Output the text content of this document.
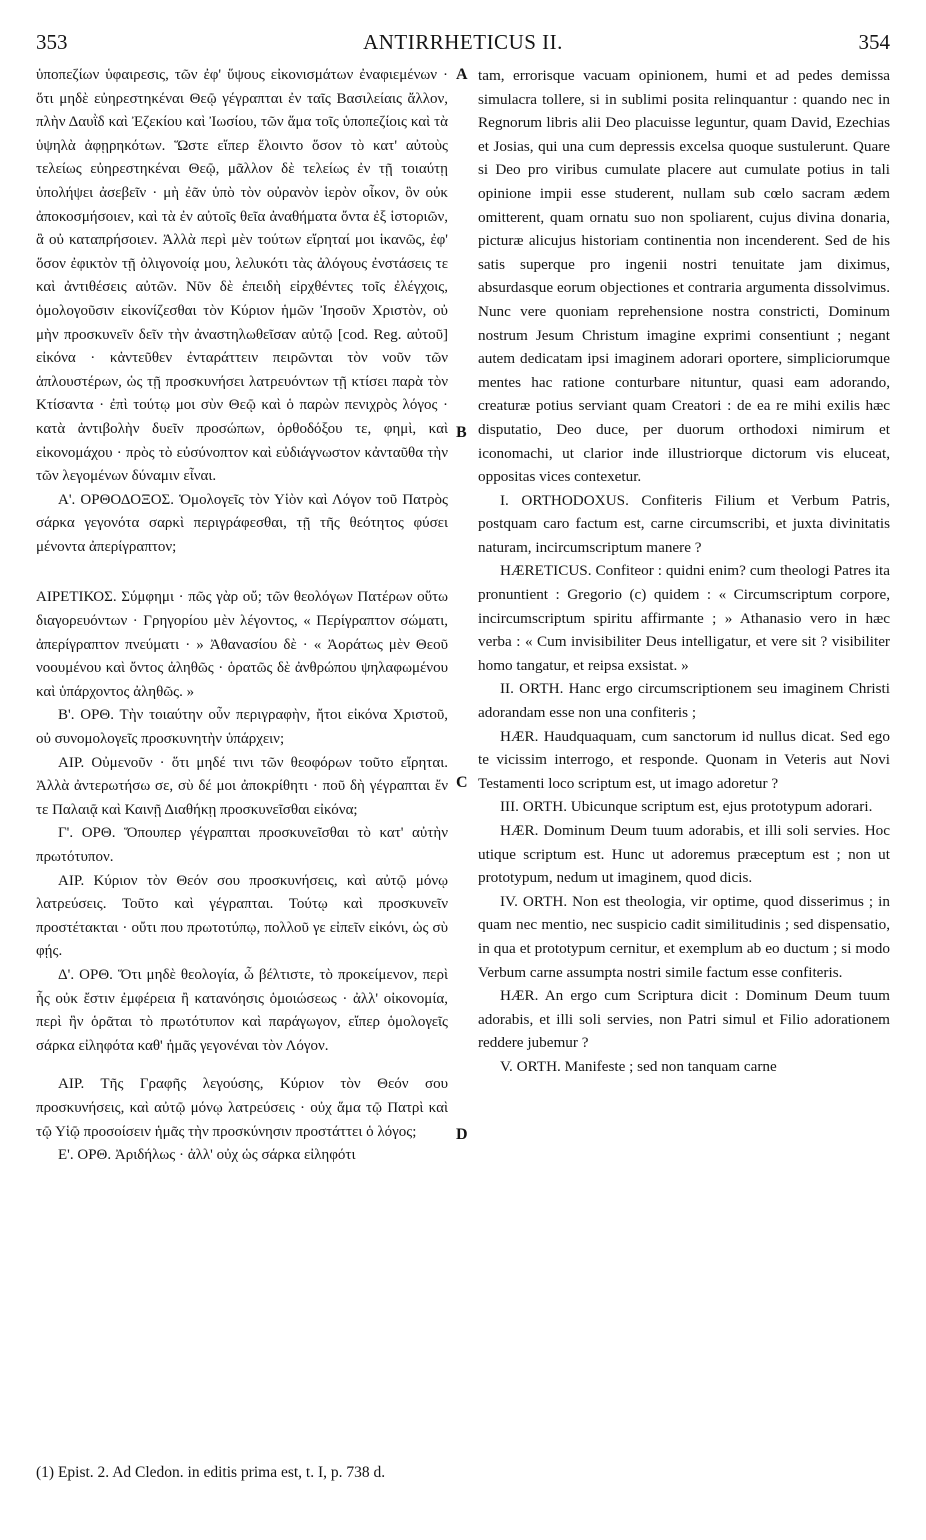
353	ANTIRRHETICUS II.	354

ὑποπεζίων ὑφαιρεσις, τῶν ἐφ' ὕψους εἰκονισμάτων ἐναφιεμένων · ὅτι μηδὲ εὐηρεστηκέναι Θεῷ γέγραπται ἐν ταῖς Βασιλείαις ἄλλον, πλὴν Δαυῒδ καὶ Ἐζεκίου καὶ Ἰωσίου, τῶν ἅμα τοῖς ὑποπεζίοις καὶ τὰ ὑψηλὰ ἀφῃρηκότων. Ὥστε εἴπερ ἕλοιντο ὅσον τὸ κατ' αὐτοὺς τελείως εὐηρεστηκέναι Θεῷ, μᾶλλον δὲ τελείως ἐν τῇ τοιαύτῃ ὑπολήψει ἀσεβεῖν · μὴ ἐᾶν ὑπὸ τὸν οὐρανὸν ἱερὸν οἶκον, ὃν οὐκ ἀποκοσμήσοιεν, καὶ τὰ ἐν αὐτοῖς θεῖα ἀναθήματα ὄντα ἐξ ἱστοριῶν, ἃ οὐ καταπρήσοιεν. Ἀλλὰ περὶ μὲν τούτων εἴρηταί μοι ἱκανῶς, ἐφ' ὅσον ἐφικτὸν τῇ ὀλιγονοίᾳ μου, λελυκότι τὰς ἀλόγους ἐνστάσεις τε καὶ ἀντιθέσεις αὐτῶν. Νῦν δὲ ἐπειδὴ εἰρχθέντες τοῖς ἐλέγχοις, ὁμολογοῦσιν εἰκονίζεσθαι τὸν Κύριον ἡμῶν Ἰησοῦν Χριστὸν, οὐ μὴν προσκυνεῖν δεῖν τὴν ἀναστηλωθεῖσαν αὐτῷ [cod. Reg. αὐτοῦ] εἰκόνα · κἀντεῦθεν ἐνταράττειν πειρῶνται τὸν νοῦν τῶν ἁπλουστέρων, ὡς τῇ προσκυνήσει λατρευόντων τῇ κτίσει παρὰ τὸν Κτίσαντα · ἐπὶ τούτῳ μοι σὺν Θεῷ καὶ ὁ παρὼν πενιχρὸς λόγος · κατὰ ἀντιβολὴν δυεῖν προσώπων, ὀρθοδόξου τε, φημὶ, καὶ εἰκονομάχου · πρὸς τὸ εὐσύνοπτον καὶ εὐδιάγνωστον κἀνταῦθα τὴν τῶν λεγομένων δύναμιν εἶναι.

Α'. ΟΡΘΟΔΟΞΟΣ. Ὁμολογεῖς τὸν Υἱὸν καὶ Λόγον τοῦ Πατρὸς σάρκα γεγονότα σαρκὶ περιγράφεσθαι, τῇ τῆς θεότητος φύσει μένοντα ἀπερίγραπτον;

ΑΙΡΕΤΙΚΟΣ. Σύμφημι · πῶς γὰρ οὔ; τῶν θεολόγων Πατέρων οὕτω διαγορευόντων · Γρηγορίου μὲν λέγοντος, « Περίγραπτον σώματι, ἀπερίγραπτον πνεύματι · » Ἀθανασίου δὲ · « Ἀοράτως μὲν Θεοῦ νοουμένου καὶ ὄντος ἀληθῶς · ὁρατῶς δὲ ἀνθρώπου ψηλαφωμένου καὶ ὑπάρχοντος ἀληθῶς. »

Β'. ΟΡΘ. Τὴν τοιαύτην οὖν περιγραφὴν, ἤτοι εἰκόνα Χριστοῦ, οὐ συνομολογεῖς προσκυνητὴν ὑπάρχειν;

ΑΙΡ. Οὐμενοῦν · ὅτι μηδέ τινι τῶν θεοφόρων τοῦτο εἴρηται. Ἀλλὰ ἀντερωτήσω σε, σὺ δέ μοι ἀποκρίθητι · ποῦ δὴ γέγραπται ἔν τε Παλαιᾷ καὶ Καινῇ Διαθήκῃ προσκυνεῖσθαι εἰκόνα;

Γ'. ΟΡΘ. Ὅπουπερ γέγραπται προσκυνεῖσθαι τὸ κατ' αὐτὴν πρωτότυπον.

ΑΙΡ. Κύριον τὸν Θεόν σου προσκυνήσεις, καὶ αὐτῷ μόνῳ λατρεύσεις. Τοῦτο καὶ γέγραπται. Τούτῳ καὶ προσκυνεῖν προστέτακται · οὔτι που πρωτοτύπῳ, πολλοῦ γε εἰπεῖν εἰκόνι, ὡς σὺ φῄς.

Δ'. ΟΡΘ. Ὅτι μηδὲ θεολογία, ὦ βέλτιστε, τὸ προκείμενον, περὶ ἧς οὐκ ἔστιν ἐμφέρεια ἢ κατανόησις ὁμοιώσεως · ἀλλ' οἰκονομία, περὶ ἣν ὁρᾶται τὸ πρωτότυπον καὶ παράγωγον, εἴπερ ὁμολογεῖς σάρκα εἰληφότα καθ' ἡμᾶς γεγονέναι τὸν Λόγον.

ΑΙΡ. Τῆς Γραφῆς λεγούσης, Κύριον τὸν Θεόν σου προσκυνήσεις, καὶ αὐτῷ μόνῳ λατρεύσεις · οὐχ ἅμα τῷ Πατρὶ καὶ τῷ Υἱῷ προσοίσειν ἡμᾶς τὴν προσκύνησιν προστάττει ὁ λόγος;

Ε'. ΟΡΘ. Ἀριδήλως · ἀλλ' οὐχ ὡς σάρκα εἰληφότι

A
B
C
D

tam, errorisque vacuam opinionem, humi et ad pedes demissa simulacra tollere, si in sublimi posita relinquantur : quando nec in Regnorum libris alii Deo placuisse leguntur, quam David, Ezechias et Josias, qui una cum depressis excelsa quoque sustulerunt. Quare si Deo pro viribus cumulate placere aut cumulate potius in tali opinione impii esse studerent, nullam sub cœlo sacram ædem omitterent, quam ornatu suo non spoliarent, cujus divina donaria, picturæ alicujus historiam continentia non incenderent. Sed de his satis superque pro ingenii nostri tenuitate jam diximus, absurdasque eorum objectiones et contraria argumenta dissolvimus. Nunc vere quoniam reprehensione nostra constricti, Dominum nostrum Jesum Christum imagine exprimi consentiunt ; negant autem dedicatam ipsi imaginem adorari oportere, simpliciorumque mentes hac ratione conturbare nituntur, quasi eam adorando, creaturæ potius serviant quam Creatori : de ea re mihi exilis hæc disputatio, Deo duce, per duorum orthodoxi nimirum et iconomachi, ut clarior inde illustriorque dictorum vis eluceat, oppositas vices contexetur.

I. ORTHODOXUS. Confiteris Filium et Verbum Patris, postquam caro factum est, carne circumscribi, et juxta divinitatis naturam, incircumscriptum manere ?

HÆRETICUS. Confiteor : quidni enim? cum theologi Patres ita pronuntient : Gregorio (c) quidem : « Circumscriptum corpore, incircumscriptum spiritu affirmante ; » Athanasio vero in hæc verba : « Cum invisibiliter Deus intelligatur, et vere sit ? visibiliter homo tangatur, et reipsa exsistat. »

II. ORTH. Hanc ergo circumscriptionem seu imaginem Christi adorandam esse non una confiteris ;

HÆR. Haudquaquam, cum sanctorum id nullus dicat. Sed ego te vicissim interrogo, et responde. Quonam in Veteris aut Novi Testamenti loco scriptum est, ut imago adoretur ?

III. ORTH. Ubicunque scriptum est, ejus prototypum adorari.

HÆR. Dominum Deum tuum adorabis, et illi soli servies. Hoc utique scriptum est. Hunc ut adoremus præceptum est ; non ut prototypum, nedum ut imaginem, quod dicis.

IV. ORTH. Non est theologia, vir optime, quod disserimus ; in quam nec mentio, nec suspicio cadit similitudinis ; sed dispensatio, in qua et prototypum cernitur, et exemplum ab eo ductum ; si modo Verbum carne assumpta nostri simile factum esse confiteris.

HÆR. An ergo cum Scriptura dicit : Dominum Deum tuum adorabis, et illi soli servies, non Patri simul et Filio adorationem reddere jubemur ?

V. ORTH. Manifeste ; sed non tanquam carne

(1) Epist. 2. Ad Cledon. in editis prima est, t. I, p. 738 d.
